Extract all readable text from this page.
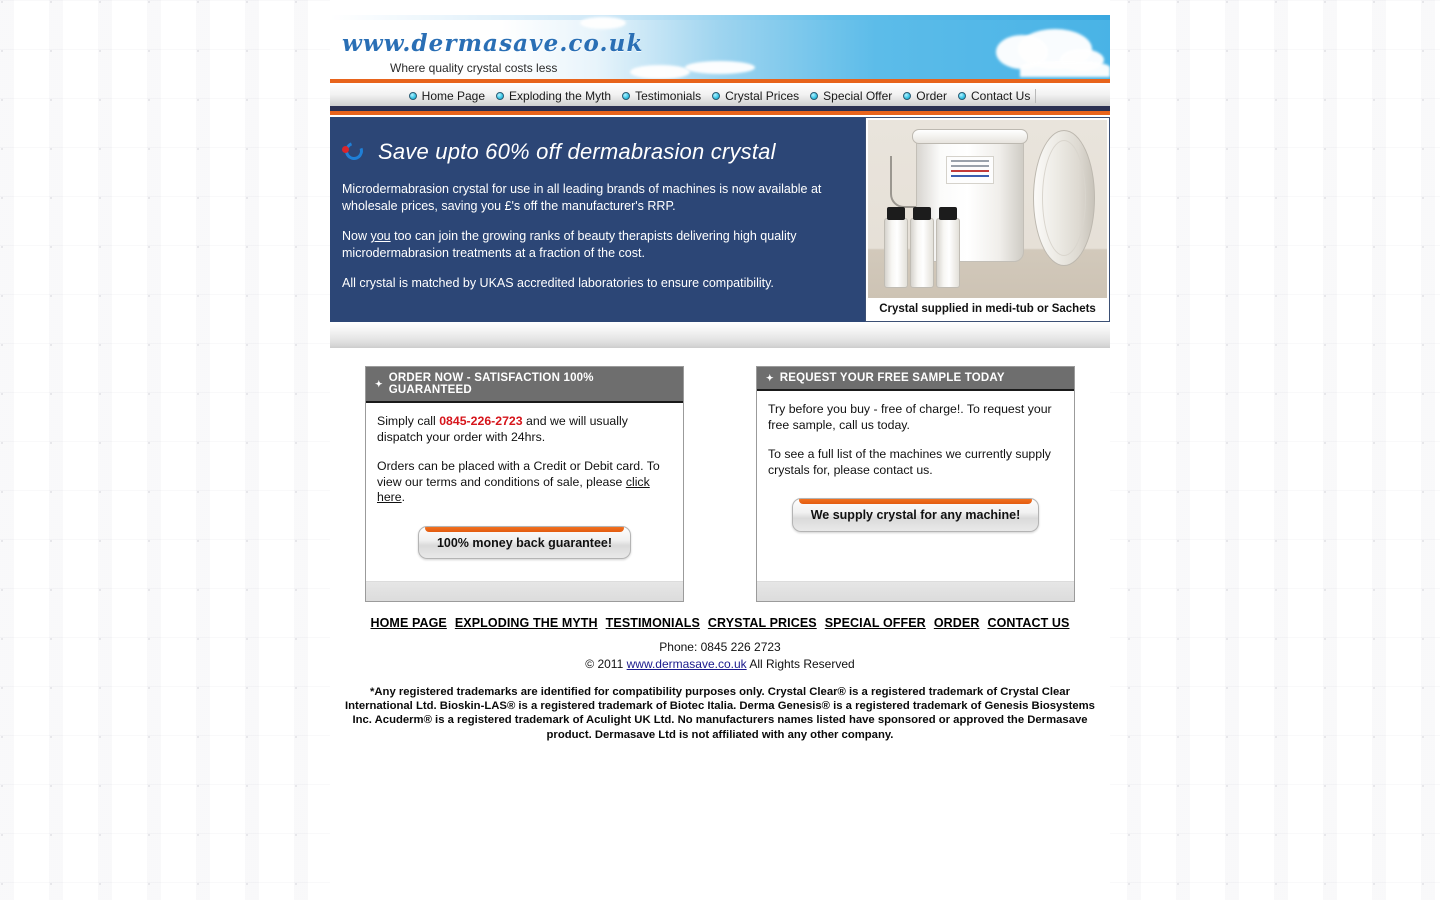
www.dermasave.co.uk
Where quality crystal costs less
Home Page Exploding the Myth Testimonials Crystal Prices Special Offer Order Contact Us
Save upto 60% off dermabrasion crystal

Microdermabrasion crystal for use in all leading brands of machines is now available at wholesale prices, saving you £'s off the manufacturer's RRP.

Now you too can join the growing ranks of beauty therapists delivering high quality microdermabrasion treatments at a fraction of the cost.

All crystal is matched by UKAS accredited laboratories to ensure compatibility.

Crystal supplied in medi-tub or Sachets
✦ ORDER NOW - SATISFACTION 100% GUARANTEED

Simply call 0845-226-2723 and we will usually dispatch your order with 24hrs.

Orders can be placed with a Credit or Debit card. To view our terms and conditions of sale, please click here.

100% money back guarantee!
✦ REQUEST YOUR FREE SAMPLE TODAY

Try before you buy - free of charge!. To request your free sample, call us today.

To see a full list of the machines we currently supply crystals for, please contact us.

We supply crystal for any machine!
HOME PAGE EXPLODING THE MYTH TESTIMONIALS CRYSTAL PRICES SPECIAL OFFER ORDER CONTACT US
Phone: 0845 226 2723
© 2011 www.dermasave.co.uk All Rights Reserved
*Any registered trademarks are identified for compatibility purposes only. Crystal Clear® is a registered trademark of Crystal Clear International Ltd. Bioskin-LAS® is a registered trademark of Biotec Italia. Derma Genesis® is a registered trademark of Genesis Biosystems Inc. Acuderm® is a registered trademark of Aculight UK Ltd. No manufacturers names listed have sponsored or approved the Dermasave product. Dermasave Ltd is not affiliated with any other company.
